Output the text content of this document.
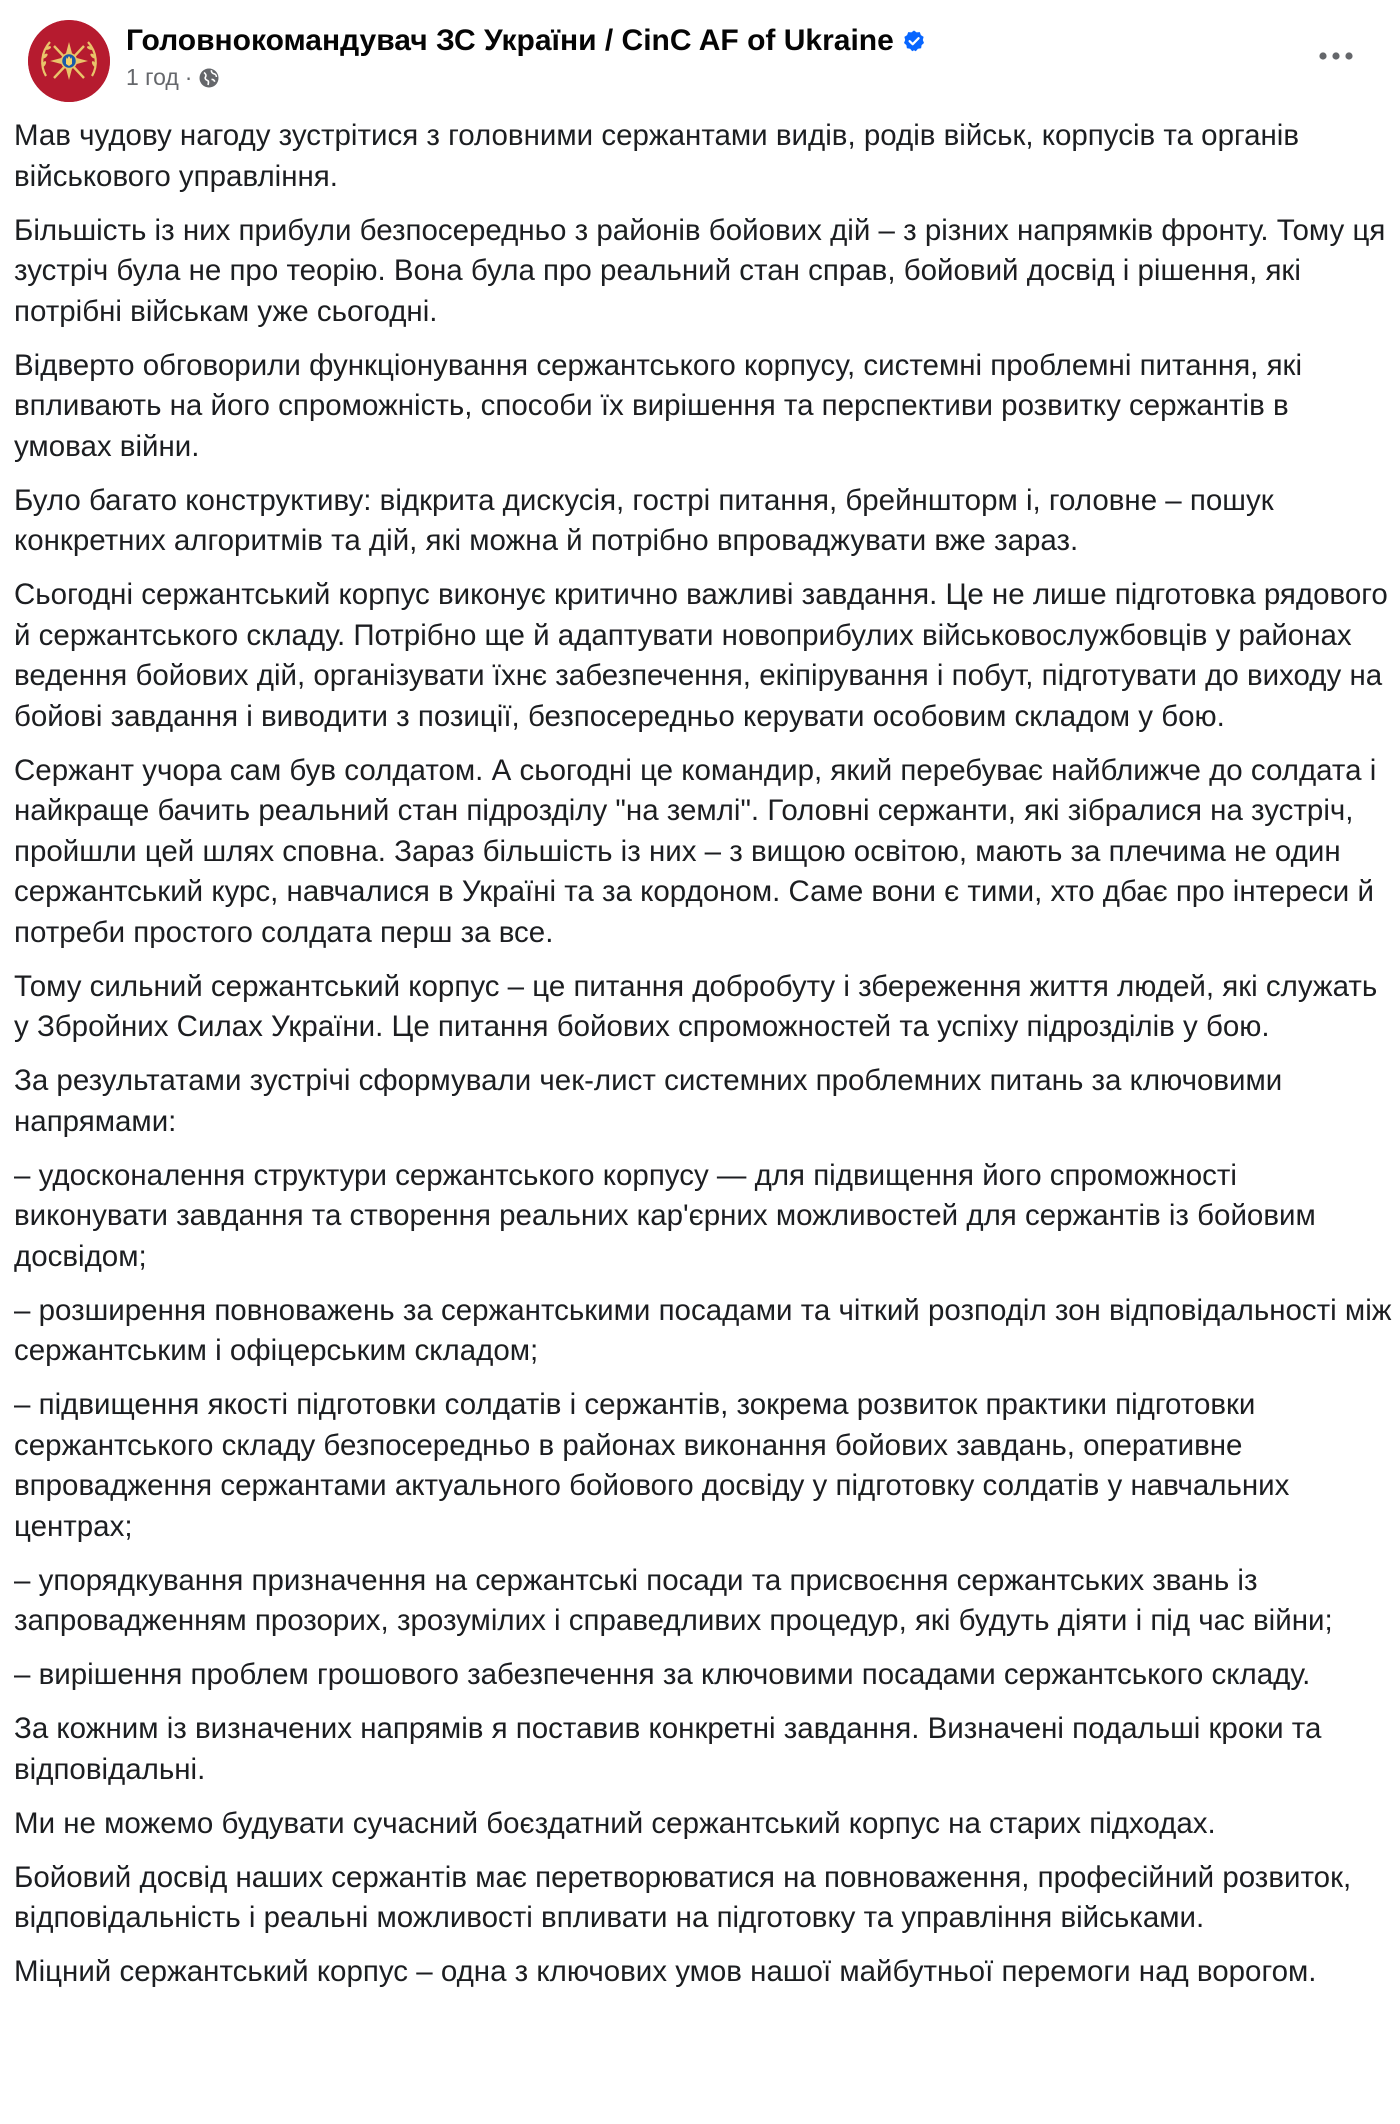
Головнокомандувач ЗС України / CinC AF of Ukraine
1 год ·

Мав чудову нагоду зустрітися з головними сержантами видів, родів військ, корпусів та органів військового управління.

Більшість із них прибули безпосередньо з районів бойових дій – з різних напрямків фронту. Тому ця зустріч була не про теорію. Вона була про реальний стан справ, бойовий досвід і рішення, які потрібні військам уже сьогодні.

Відверто обговорили функціонування сержантського корпусу, системні проблемні питання, які впливають на його спроможність, способи їх вирішення та перспективи розвитку сержантів в умовах війни.

Було багато конструктиву: відкрита дискусія, гострі питання, брейншторм і, головне – пошук конкретних алгоритмів та дій, які можна й потрібно впроваджувати вже зараз.

Сьогодні сержантський корпус виконує критично важливі завдання. Це не лише підготовка рядового й сержантського складу. Потрібно ще й адаптувати новоприбулих військовослужбовців у районах ведення бойових дій, організувати їхнє забезпечення, екіпірування і побут, підготувати до виходу на бойові завдання і виводити з позиції, безпосередньо керувати особовим складом у бою.

Сержант учора сам був солдатом. А сьогодні це командир, який перебуває найближче до солдата і найкраще бачить реальний стан підрозділу "на землі". Головні сержанти, які зібралися на зустріч, пройшли цей шлях сповна. Зараз більшість із них – з вищою освітою, мають за плечима не один сержантський курс, навчалися в Україні та за кордоном. Саме вони є тими, хто дбає про інтереси й потреби простого солдата перш за все.

Тому сильний сержантський корпус – це питання добробуту і збереження життя людей, які служать у Збройних Силах України. Це питання бойових спроможностей та успіху підрозділів у бою.

За результатами зустрічі сформували чек-лист системних проблемних питань за ключовими напрямами:

– удосконалення структури сержантського корпусу — для підвищення його спроможності виконувати завдання та створення реальних кар'єрних можливостей для сержантів із бойовим досвідом;

– розширення повноважень за сержантськими посадами та чіткий розподіл зон відповідальності між сержантським і офіцерським складом;

– підвищення якості підготовки солдатів і сержантів, зокрема розвиток практики підготовки сержантського складу безпосередньо в районах виконання бойових завдань, оперативне впровадження сержантами актуального бойового досвіду у підготовку солдатів у навчальних центрах;

– упорядкування призначення на сержантські посади та присвоєння сержантських звань із запровадженням прозорих, зрозумілих і справедливих процедур, які будуть діяти і під час війни;

– вирішення проблем грошового забезпечення за ключовими посадами сержантського складу.

За кожним із визначених напрямів я поставив конкретні завдання. Визначені подальші кроки та відповідальні.

Ми не можемо будувати сучасний боєздатний сержантський корпус на старих підходах.

Бойовий досвід наших сержантів має перетворюватися на повноваження, професійний розвиток, відповідальність і реальні можливості впливати на підготовку та управління військами.

Міцний сержантський корпус – одна з ключових умов нашої майбутньої перемоги над ворогом.
